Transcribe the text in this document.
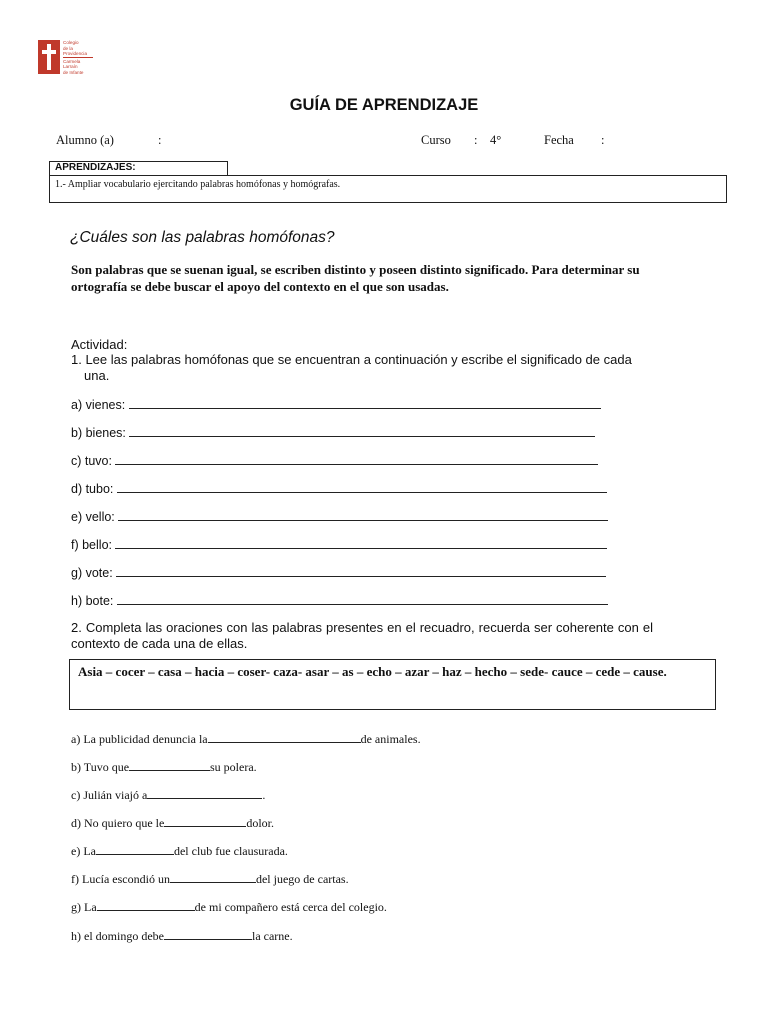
Colegio
de la
Providencia
Carmela
Larraín
de Infante
GUÍA DE APRENDIZAJE
Alumno (a)	:	Curso : 4°	Fecha :
APRENDIZAJES:
1.- Ampliar vocabulario ejercitando palabras homófonas y homógrafas.
¿Cuáles son las palabras homófonas?
Son palabras que se suenan igual, se escriben distinto y poseen distinto significado. Para determinar su ortografía se debe buscar el apoyo del contexto en el que son usadas.
Actividad:
1. Lee las palabras homófonas que se encuentran a continuación y escribe el significado de cada
una.
a) vienes:
b) bienes:
c) tuvo:
d) tubo:
e) vello:
f) bello:
g) vote:
h) bote:
2. Completa las oraciones con las palabras presentes en el recuadro, recuerda ser coherente con el contexto de cada una de ellas.
Asia – cocer – casa – hacia – coser- caza- asar – as – echo – azar – haz – hecho – sede- cauce – cede – cause.
a) La publicidad denuncia la	de animales.
b) Tuvo que	su polera.
c) Julián viajó a	.
d) No quiero que le	dolor.
e) La	del club fue clausurada.
f) Lucía escondió un	del juego de cartas.
g) La	de mi compañero está cerca del colegio.
h) el domingo debe	la carne.
